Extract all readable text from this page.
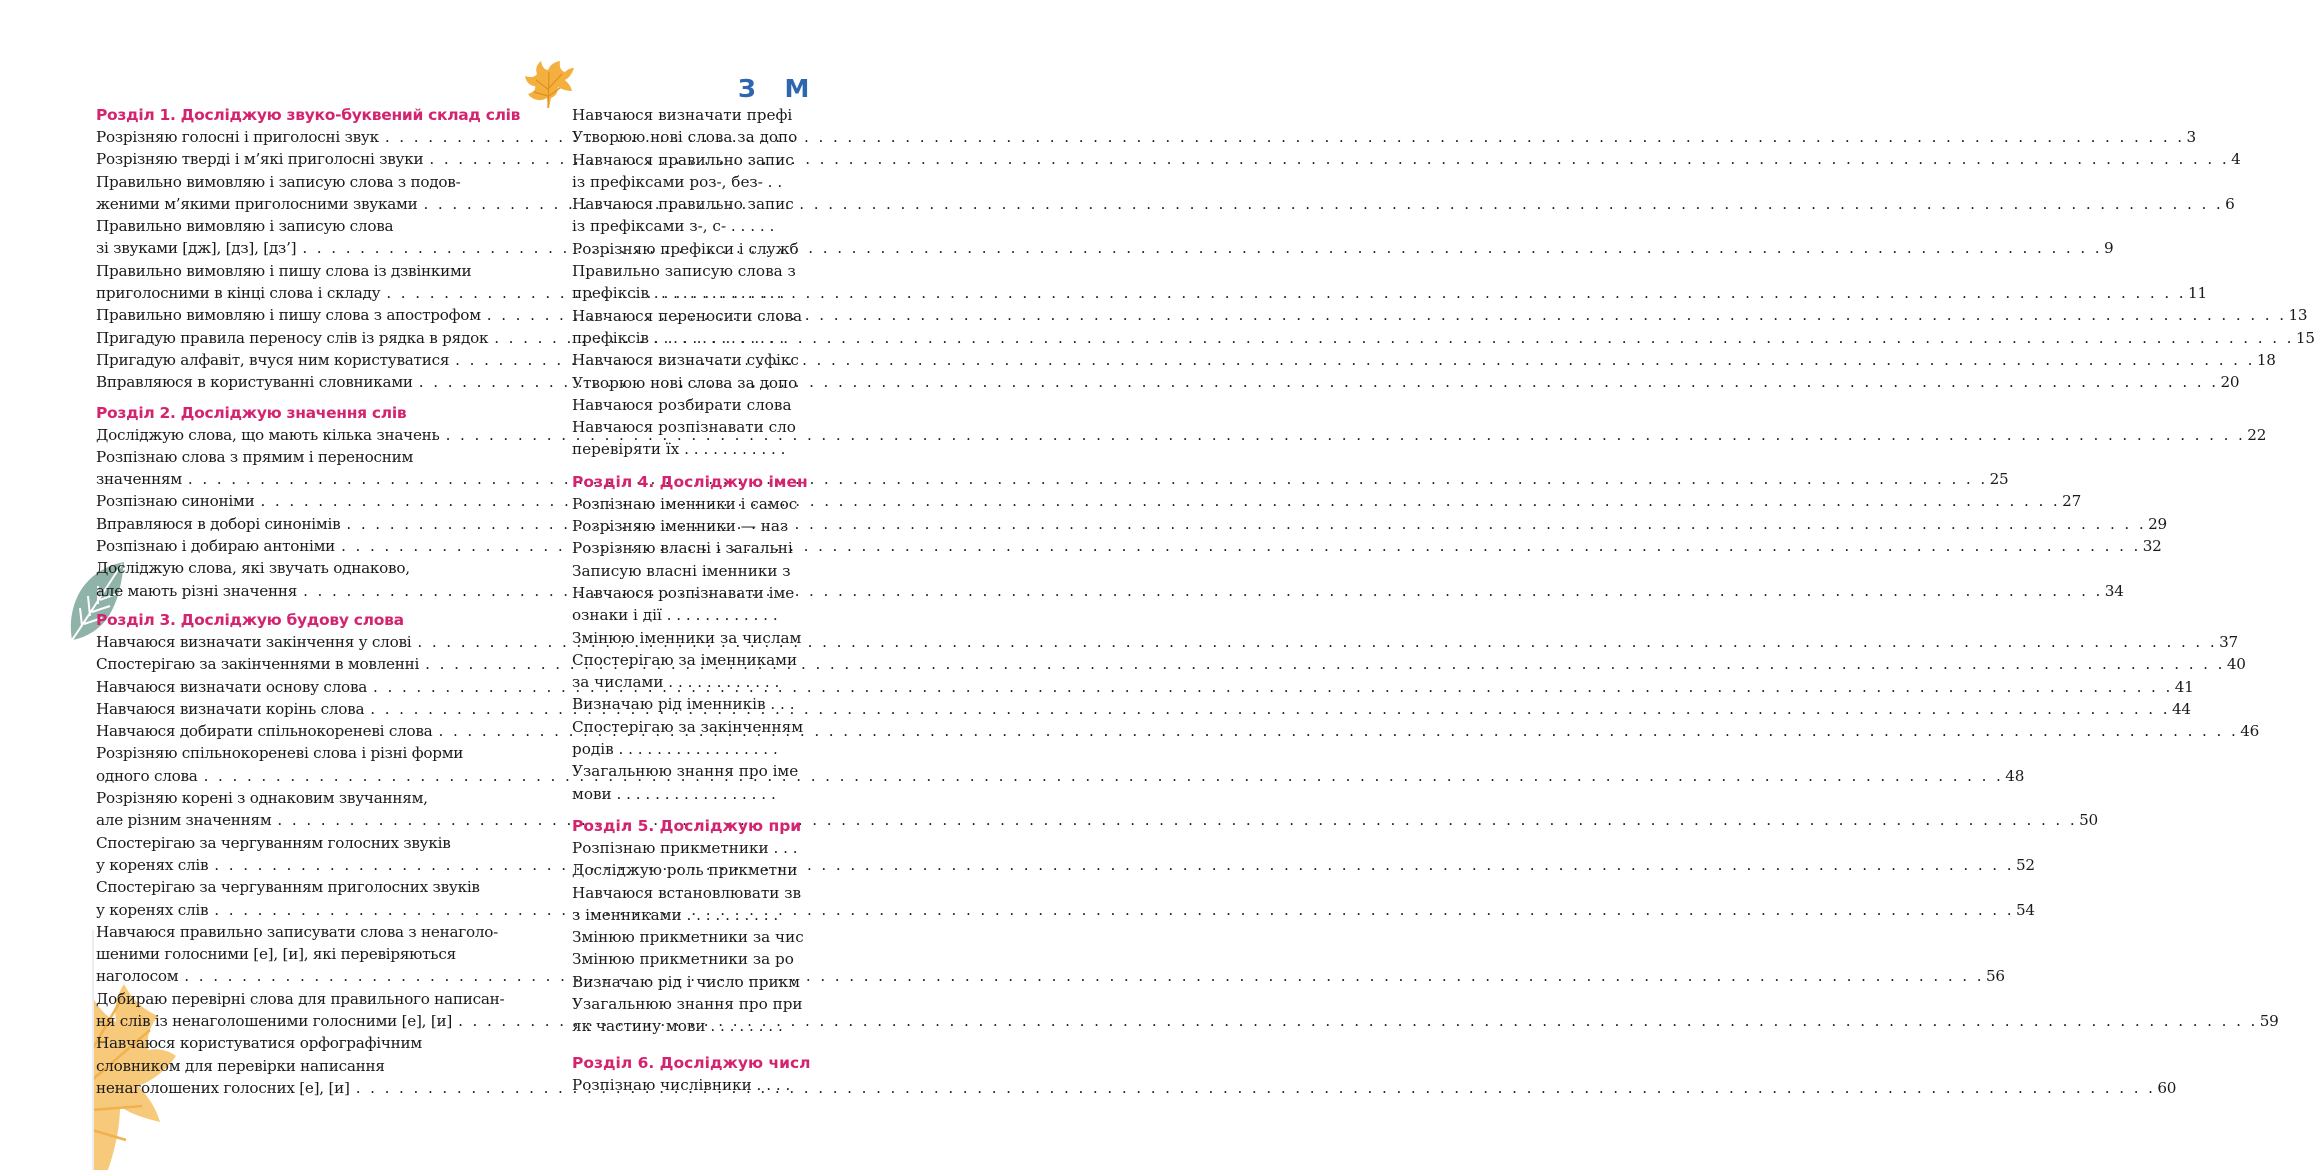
З М
Розділ 1. Досліджую звуко-буквений склад слів
Розрізняю голосні і приголосні звук . . .	3
Розрізняю тверді і м’які приголосні звуки . . .	4
Правильно вимовляю і записую слова з подов-
женими м’якими приголосними звуками . . .	6
Правильно вимовляю і записую слова
зі звуками [дж], [дз], [дз’] . . .	9
Правильно вимовляю і пишу слова із дзвінкими
приголосними в кінці слова і складу . . .	11
Правильно вимовляю і пишу слова з апострофом . . .	13
Пригадую правила переносу слів із рядка в рядок . . .	15
Пригадую алфавіт, вчуся ним користуватися . . .	18
Вправляюся в користуванні словниками . . .	20
Розділ 2. Досліджую значення слів
Досліджую слова, що мають кілька значень . . .	22
Розпізнаю слова з прямим і переносним
значенням . . .	25
Розпізнаю синоніми . . .	27
Вправляюся в доборі синонімів . . .	29
Розпізнаю і добираю антоніми . . .	32
Досліджую слова, які звучать однаково,
але мають різні значення . . .	34
Розділ 3. Досліджую будову слова
Навчаюся визначати закінчення у слові . . .	37
Спостерігаю за закінченнями в мовленні . . .	40
Навчаюся визначати основу слова . . .	41
Навчаюся визначати корінь слова . . .	44
Навчаюся добирати спільнокореневі слова . . .	46
Розрізняю спільнокореневі слова і різні форми
одного слова . . .	48
Розрізняю корені з однаковим звучанням,
але різним значенням . . .	50
Спостерігаю за чергуванням голосних звуків
у коренях слів . . .	52
Спостерігаю за чергуванням приголосних звуків
у коренях слів . . .	54
Навчаюся правильно записувати слова з ненаголо-
шеними голосними [е], [и], які перевіряються
наголосом . . .	56
Добираю перевірні слова для правильного написан-
ня слів із ненаголошеними голосними [е], [и] . . .	59
Навчаюся користуватися орфографічним
словником для перевірки написання
ненаголошених голосних [е], [и] . . .	60
Навчаюся визначати префі
Утворюю нові слова за допо
Навчаюся правильно запис
із префіксами роз-, без- . .
Навчаюся правильно запис
із префіксами з-, с- . . . . .
Розрізняю префікси і служб
Правильно записую слова з
префіксів . . . . . . . . . . . . . .
Навчаюся переносити слова
префіксів . . . . . . . . . . . . . .
Навчаюся визначати суфікс
Утворюю нові слова за допо
Навчаюся розбирати слова
Навчаюся розпізнавати сло
перевіряти їх . . . . . . . . . . .
Розділ 4. Досліджую імен
Розпізнаю іменники і самос
Розрізняю іменники — наз
Розрізняю власні і загальні
Записую власні іменники з
Навчаюся розпізнавати іме
ознаки і дії . . . . . . . . . . . .
Змінюю іменники за числам
Спостерігаю за іменниками
за числами . . . . . . . . . . . .
Визначаю рід іменників . . .
Спостерігаю за закінченням
родів . . . . . . . . . . . . . . . . .
Узагальнюю знання про іме
мови . . . . . . . . . . . . . . . . .
Розділ 5. Досліджую при
Розпізнаю прикметники . . .
Досліджую роль прикметни
Навчаюся встановлювати зв
з іменниками . . . . . . . . . .
Змінюю прикметники за чис
Змінюю прикметники за ро
Визначаю рід і число прикм
Узагальнюю знання про при
як частину мови . . . . . . . .
Розділ 6. Досліджую числ
Розпізнаю числівники . . . .
